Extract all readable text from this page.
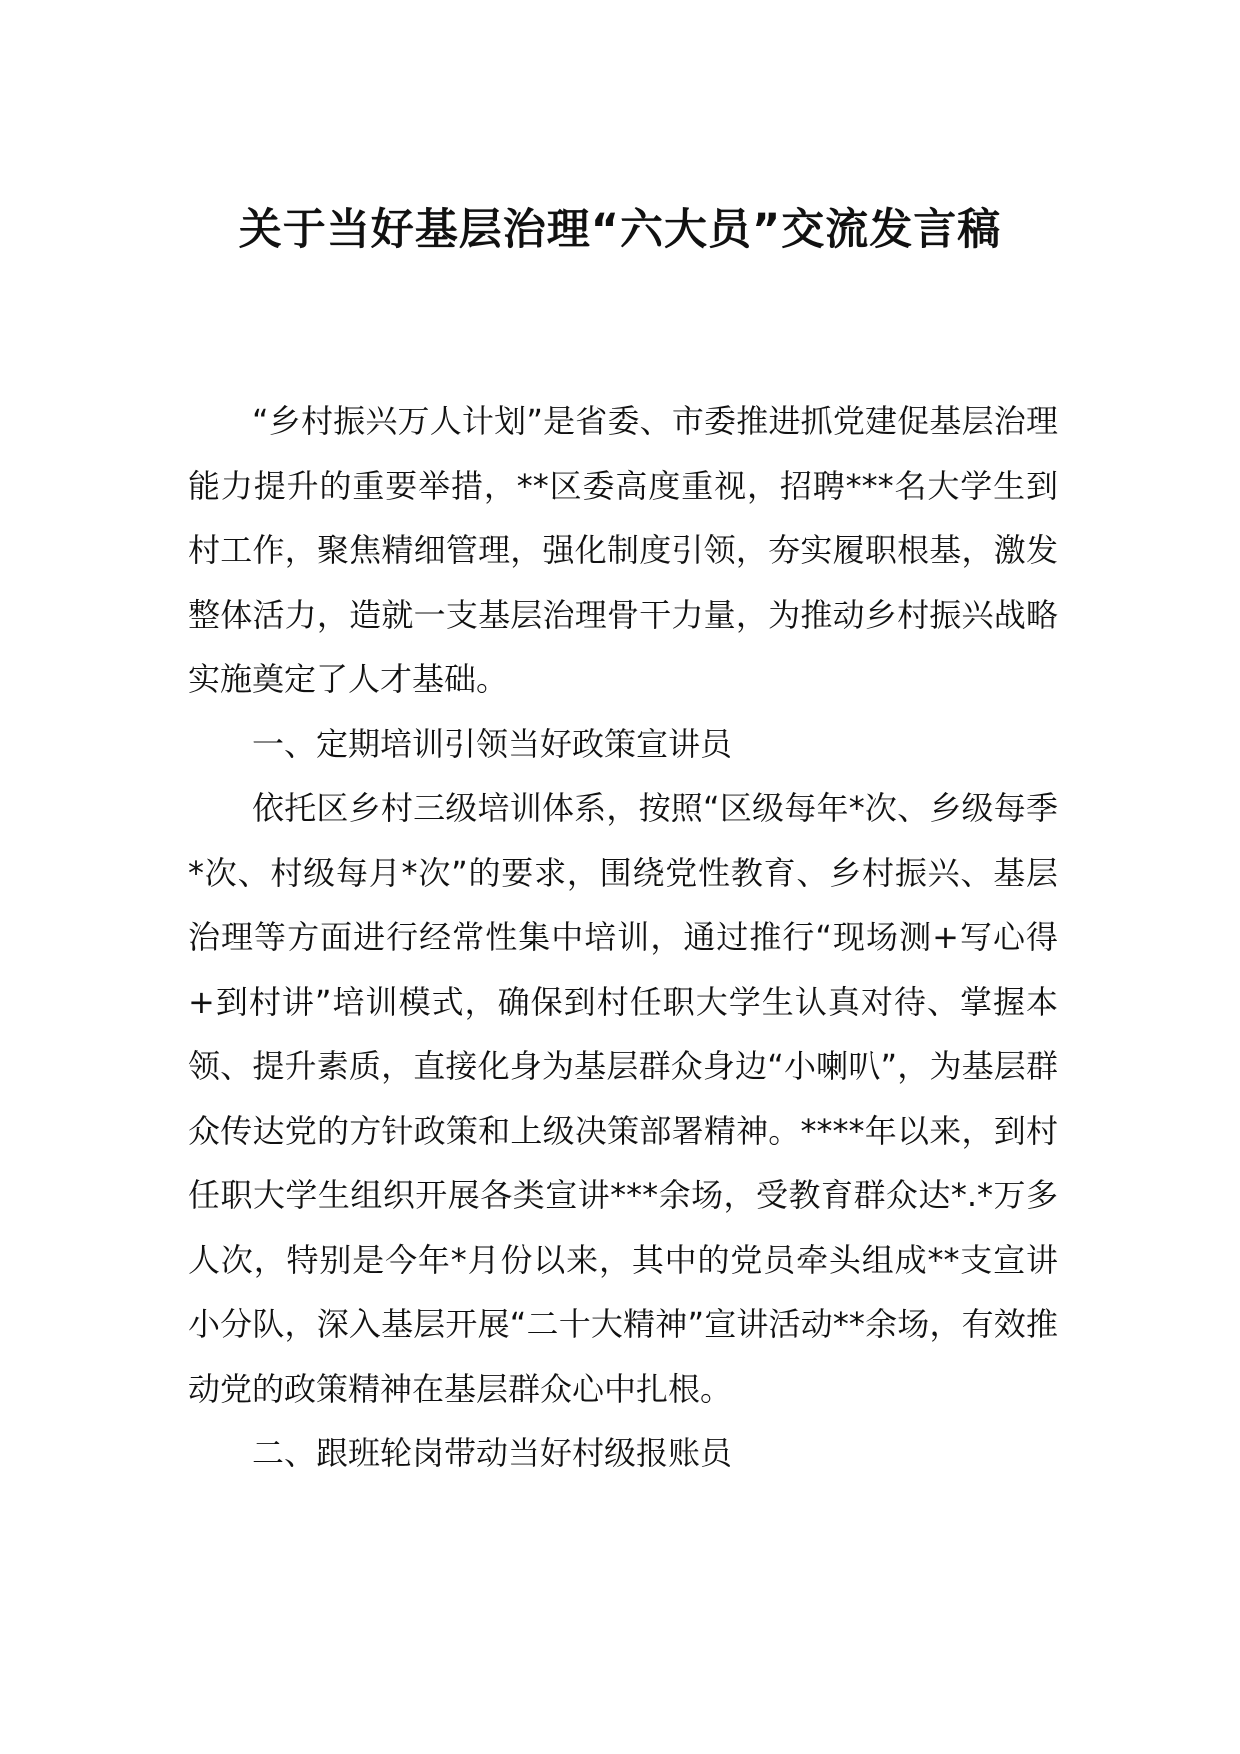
关于当好基层治理“六大员”交流发言稿

“乡村振兴万人计划”是省委、市委推进抓党建促基层治理能力提升的重要举措，**区委高度重视，招聘***名大学生到村工作，聚焦精细管理，强化制度引领，夯实履职根基，激发整体活力，造就一支基层治理骨干力量，为推动乡村振兴战略实施奠定了人才基础。

一、定期培训引领当好政策宣讲员

依托区乡村三级培训体系，按照“区级每年*次、乡级每季*次、村级每月*次”的要求，围绕党性教育、乡村振兴、基层治理等方面进行经常性集中培训，通过推行“现场测+写心得+到村讲”培训模式，确保到村任职大学生认真对待、掌握本领、提升素质，直接化身为基层群众身边“小喇叭”，为基层群众传达党的方针政策和上级决策部署精神。****年以来，到村任职大学生组织开展各类宣讲***余场，受教育群众达*.*万多人次，特别是今年*月份以来，其中的党员牵头组成**支宣讲小分队，深入基层开展“二十大精神”宣讲活动**余场，有效推动党的政策精神在基层群众心中扎根。

二、跟班轮岗带动当好村级报账员
